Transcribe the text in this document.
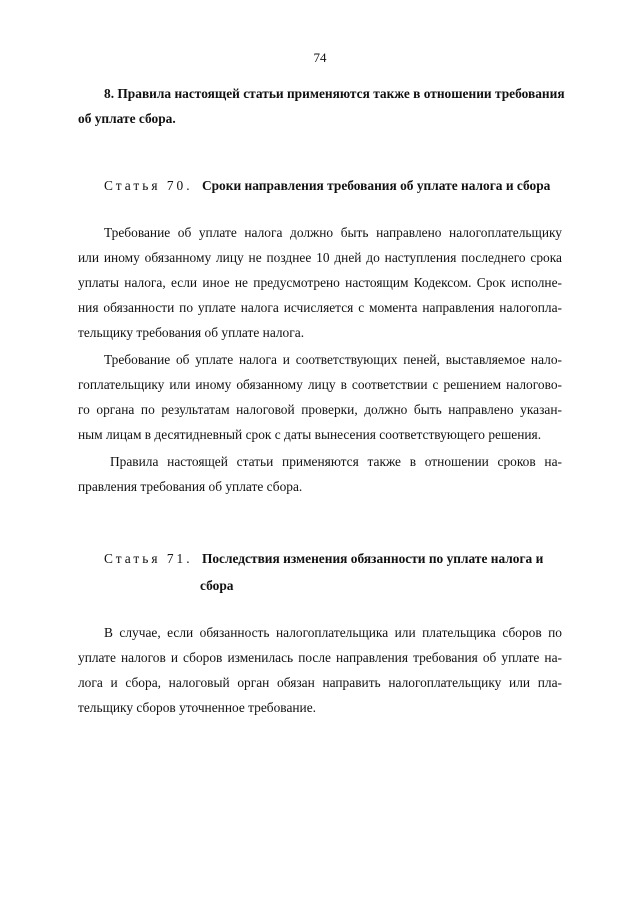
74
8. Правила настоящей статьи применяются также в отношении требования
об уплате сбора.
Статья 70. Сроки направления требования об уплате налога и сбора
Требование об уплате налога должно быть направлено налогоплательщику
или иному обязанному лицу не позднее 10 дней до наступления последнего срока
уплаты налога, если иное не предусмотрено настоящим Кодексом. Срок исполне-
ния обязанности по уплате налога исчисляется с момента направления налогопла-
тельщику требования об уплате налога.
Требование об уплате налога и соответствующих пеней, выставляемое нало-
гоплательщику или иному обязанному лицу в соответствии с решением налогово-
го органа по результатам налоговой проверки, должно быть направлено указан-
ным лицам в десятидневный срок с даты вынесения соответствующего решения.
Правила настоящей статьи применяются также в отношении сроков на-
правления требования об уплате сбора.
Статья 71. Последствия изменения обязанности по уплате налога и
сбора
В случае, если обязанность налогоплательщика или плательщика сборов по
уплате налогов и сборов изменилась после направления требования об уплате на-
лога и сбора, налоговый орган обязан направить налогоплательщику или пла-
тельщику сборов уточненное требование.
